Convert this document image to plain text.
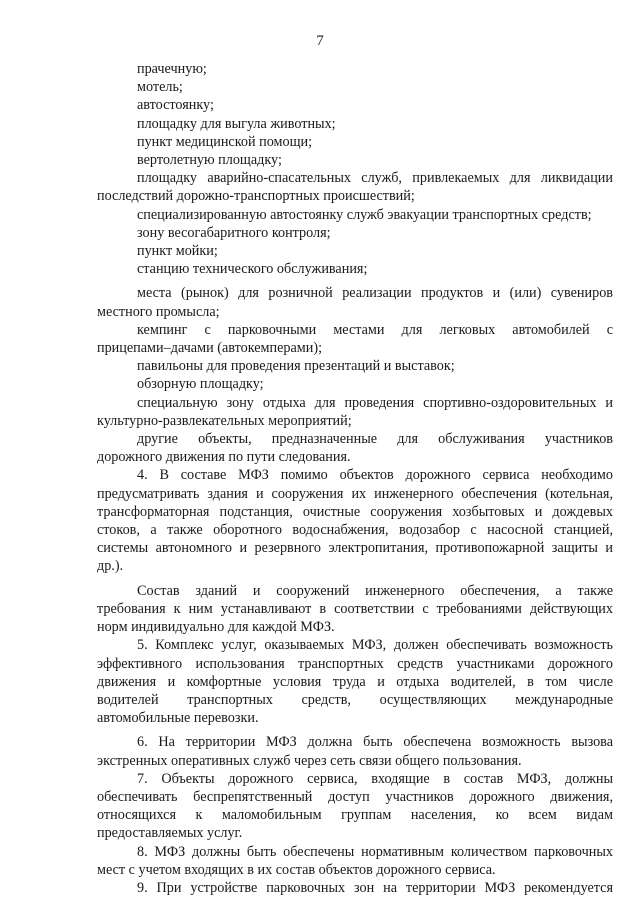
7
прачечную;
мотель;
автостоянку;
площадку для выгула животных;
пункт медицинской помощи;
вертолетную площадку;
площадку аварийно-спасательных служб, привлекаемых для ликвидации
последствий дорожно-транспортных происшествий;
специализированную автостоянку служб эвакуации транспортных средств;
зону весогабаритного контроля;
пункт мойки;
станцию технического обслуживания;
места (рынок) для розничной реализации продуктов и (или) сувениров
местного промысла;
кемпинг с парковочными местами для легковых автомобилей с
прицепами–дачами (автокемперами);
павильоны для проведения презентаций и выставок;
обзорную площадку;
специальную зону отдыха для проведения спортивно-оздоровительных и
культурно-развлекательных мероприятий;
другие объекты, предназначенные для обслуживания участников
дорожного движения по пути следования.
4. В составе МФЗ помимо объектов дорожного сервиса необходимо
предусматривать здания и сооружения их инженерного обеспечения (котельная,
трансформаторная подстанция, очистные сооружения хозбытовых и дождевых
стоков, а также оборотного водоснабжения, водозабор с насосной станцией,
системы автономного и резервного электропитания, противопожарной защиты и
др.).
Состав зданий и сооружений инженерного обеспечения, а также
требования к ним устанавливают в соответствии с требованиями действующих
норм индивидуально для каждой МФЗ.
5. Комплекс услуг, оказываемых МФЗ, должен обеспечивать возможность
эффективного использования транспортных средств участниками дорожного
движения и комфортные условия труда и отдыха водителей, в том числе
водителей транспортных средств, осуществляющих международные
автомобильные перевозки.
6. На территории МФЗ должна быть обеспечена возможность вызова
экстренных оперативных служб через сеть связи общего пользования.
7. Объекты дорожного сервиса, входящие в состав МФЗ, должны
обеспечивать беспрепятственный доступ участников дорожного движения,
относящихся к маломобильным группам населения, ко всем видам
предоставляемых услуг.
8. МФЗ должны быть обеспечены нормативным количеством парковочных
мест с учетом входящих в их состав объектов дорожного сервиса.
9. При устройстве парковочных зон на территории МФЗ рекомендуется
